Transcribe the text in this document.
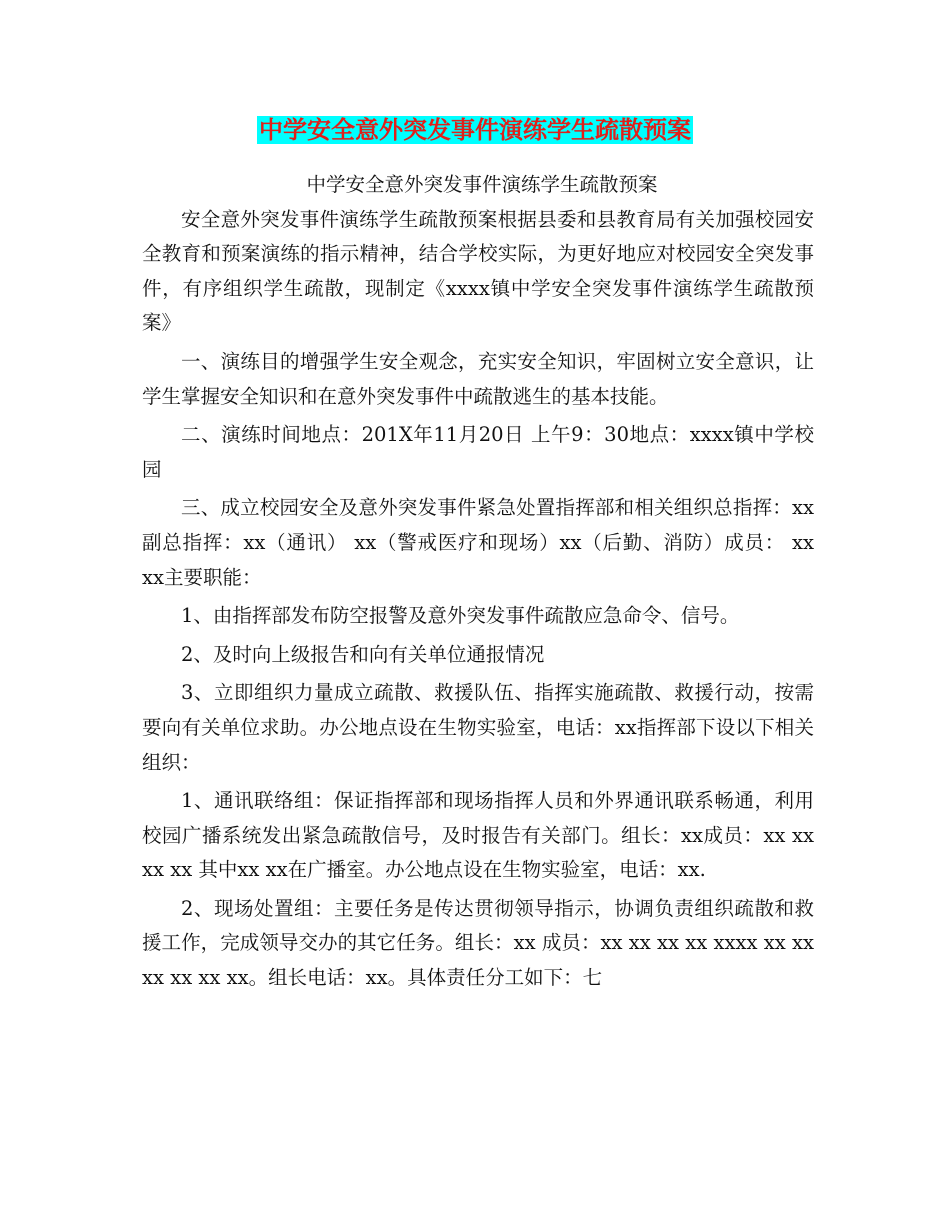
中学安全意外突发事件演练学生疏散预案

中学安全意外突发事件演练学生疏散预案

安全意外突发事件演练学生疏散预案根据县委和县教育局有关加强校园安全教育和预案演练的指示精神，结合学校实际，为更好地应对校园安全突发事件，有序组织学生疏散，现制定《xxxx镇中学安全突发事件演练学生疏散预案》

一、演练目的增强学生安全观念，充实安全知识，牢固树立安全意识，让学生掌握安全知识和在意外突发事件中疏散逃生的基本技能。

二、演练时间地点：201X年11月20日 上午9：30地点：xxxx镇中学校园

三、成立校园安全及意外突发事件紧急处置指挥部和相关组织总指挥：xx副总指挥：xx（通讯） xx（警戒医疗和现场）xx（后勤、消防）成员： xx xx主要职能：

1、由指挥部发布防空报警及意外突发事件疏散应急命令、信号。

2、及时向上级报告和向有关单位通报情况

3、立即组织力量成立疏散、救援队伍、指挥实施疏散、救援行动，按需要向有关单位求助。办公地点设在生物实验室，电话：xx指挥部下设以下相关组织：

1、通讯联络组：保证指挥部和现场指挥人员和外界通讯联系畅通，利用校园广播系统发出紧急疏散信号，及时报告有关部门。组长：xx成员：xx xx xx xx 其中xx xx在广播室。办公地点设在生物实验室，电话：xx.

2、现场处置组：主要任务是传达贯彻领导指示，协调负责组织疏散和救援工作，完成领导交办的其它任务。组长：xx 成员：xx xx xx xx xxxx xx xx xx xx xx xx。组长电话：xx。具体责任分工如下：七
